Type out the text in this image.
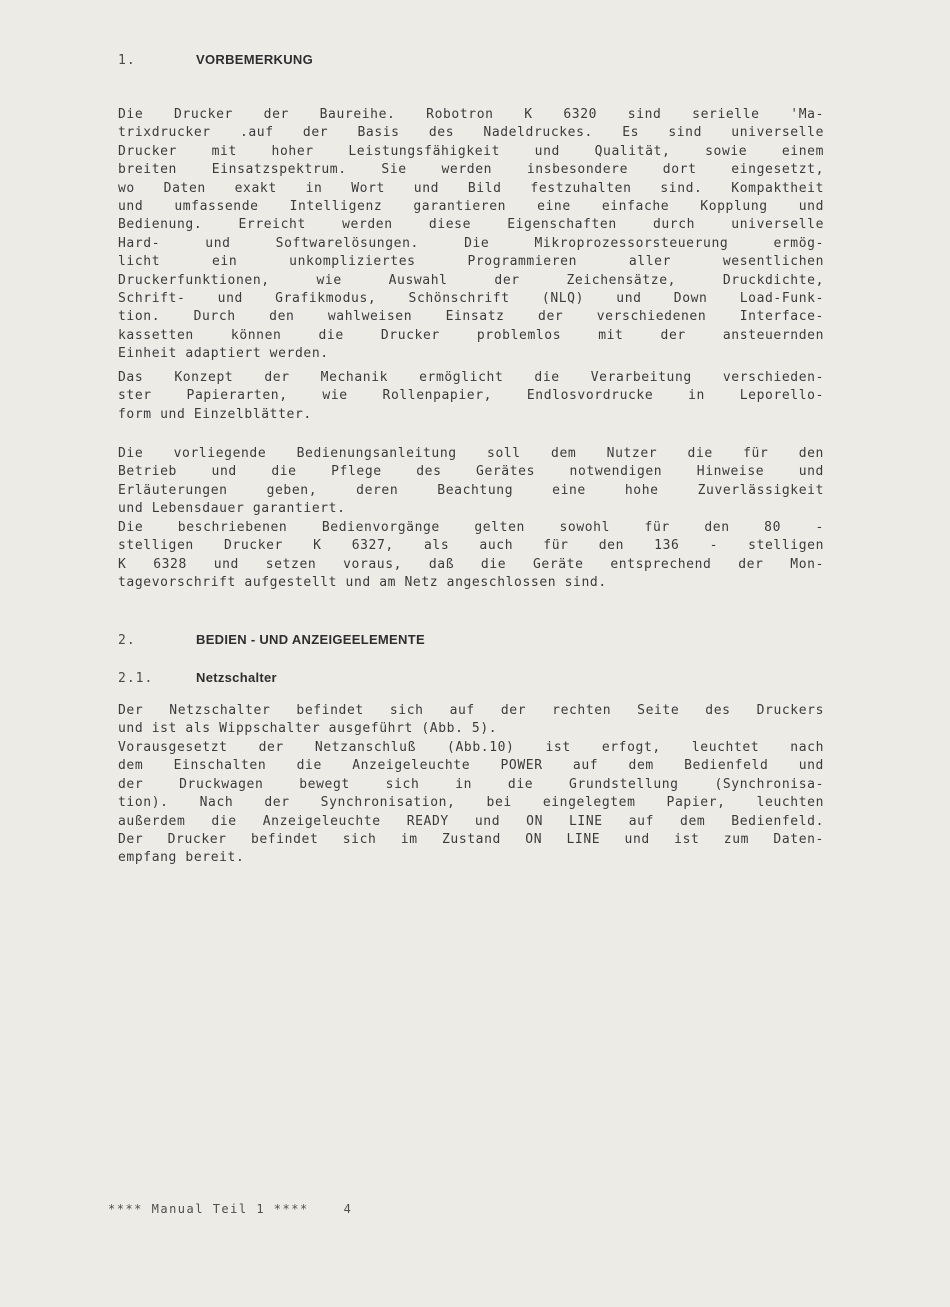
1.	VORBEMERKUNG
Die Drucker der Baureihe. Robotron K 6320 sind serielle 'Ma-
trixdrucker .auf der Basis des Nadeldruckes. Es sind universelle
Drucker mit hoher Leistungsfähigkeit und Qualität, sowie einem
breiten Einsatzspektrum. Sie werden insbesondere dort eingesetzt,
wo Daten exakt in Wort und Bild festzuhalten sind. Kompaktheit
und umfassende Intelligenz garantieren eine einfache Kopplung und
Bedienung. Erreicht werden diese Eigenschaften durch universelle
Hard- und Softwarelösungen. Die Mikroprozessorsteuerung ermög-
licht ein unkompliziertes Programmieren aller wesentlichen
Druckerfunktionen, wie Auswahl der Zeichensätze, Druckdichte,
Schrift- und Grafikmodus, Schönschrift (NLQ) und Down Load-Funk-
tion. Durch den wahlweisen Einsatz der verschiedenen Interface-
kassetten können die Drucker problemlos mit der ansteuernden
Einheit adaptiert werden.
Das Konzept der Mechanik ermöglicht die Verarbeitung verschieden-
ster Papierarten, wie Rollenpapier, Endlosvordrucke in Leporello-
form und Einzelblätter.
Die vorliegende Bedienungsanleitung soll dem Nutzer die für den
Betrieb und die Pflege des Gerätes notwendigen Hinweise und
Erläuterungen geben, deren Beachtung eine hohe Zuverlässigkeit
und Lebensdauer garantiert.
Die beschriebenen Bedienvorgänge gelten sowohl für den 80 -
stelligen Drucker K 6327, als auch für den 136 - stelligen
K 6328 und setzen voraus, daß die Geräte entsprechend der Mon-
tagevorschrift aufgestellt und am Netz angeschlossen sind.
2.	BEDIEN - UND ANZEIGEELEMENTE
2.1.	Netzschalter
Der Netzschalter befindet sich auf der rechten Seite des Druckers
und ist als Wippschalter ausgeführt (Abb. 5).
Vorausgesetzt der Netzanschluß (Abb.10) ist erfogt, leuchtet nach
dem Einschalten die Anzeigeleuchte POWER auf dem Bedienfeld und
der Druckwagen bewegt sich in die Grundstellung (Synchronisa-
tion). Nach der Synchronisation, bei eingelegtem Papier, leuchten
außerdem die Anzeigeleuchte READY und ON LINE auf dem Bedienfeld.
Der Drucker befindet sich im Zustand ON LINE und ist zum Daten-
empfang bereit.
**** Manual Teil 1 ****    4
